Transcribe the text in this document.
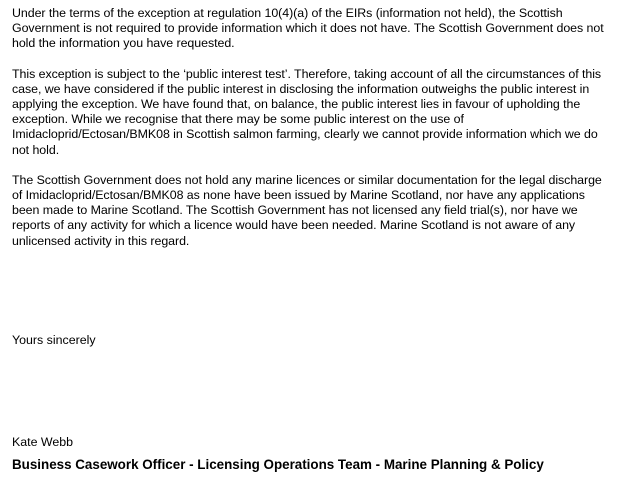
Under the terms of the exception at regulation 10(4)(a) of the EIRs (information not held), the Scottish Government is not required to provide information which it does not have. The Scottish Government does not hold the information you have requested.

This exception is subject to the ‘public interest test’. Therefore, taking account of all the circumstances of this case, we have considered if the public interest in disclosing the information outweighs the public interest in applying the exception. We have found that, on balance, the public interest lies in favour of upholding the exception. While we recognise that there may be some public interest on the use of Imidacloprid/Ectosan/BMK08 in Scottish salmon farming, clearly we cannot provide information which we do not hold.

The Scottish Government does not hold any marine licences or similar documentation for the legal discharge of Imidacloprid/Ectosan/BMK08 as none have been issued by Marine Scotland, nor have any applications been made to Marine Scotland. The Scottish Government has not licensed any field trial(s), nor have we reports of any activity for which a licence would have been needed. Marine Scotland is not aware of any unlicensed activity in this regard.

Yours sincerely

Kate Webb

Business Casework Officer - Licensing Operations Team - Marine Planning & Policy
